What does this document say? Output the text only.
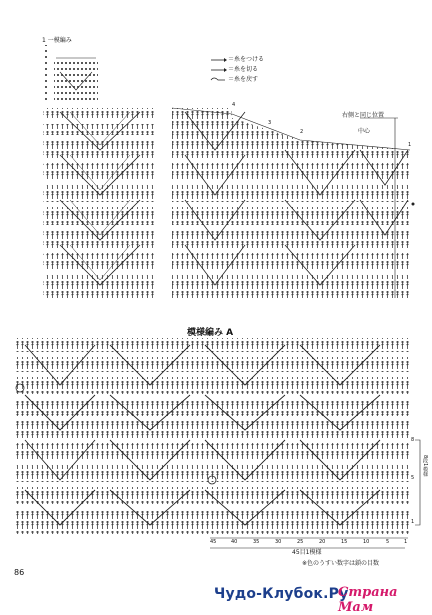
1 一模編み
＝糸をつける
＝糸を切る
＝糸を戻す
4
3
2
1
右側と同じ位置
中心
模様編み A
8
5
1
8段1模様
45	40	35	30	25	20	15	10	5	1
45目1模様
※色のうすい数字は鎖の目数
86
Чудо-Клубок.Ру
Страна Мам
